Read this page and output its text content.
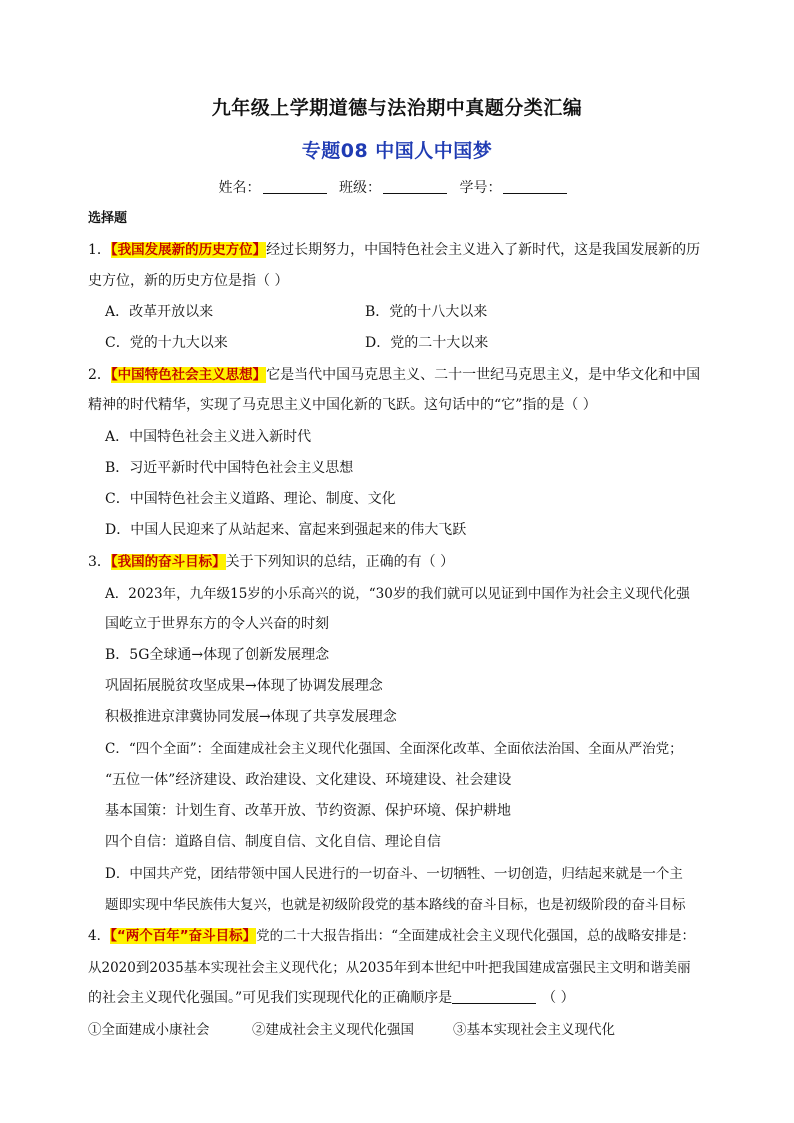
九年级上学期道德与法治期中真题分类汇编
专题08 中国人中国梦
姓名：	班级：	学号：
选择题
1．【我国发展新的历史方位】经过长期努力，中国特色社会主义进入了新时代，这是我国发展新的历
史方位，新的历史方位是指（ ）
A．改革开放以来	B．党的十八大以来
C．党的十九大以来	D．党的二十大以来
2．【中国特色社会主义思想】它是当代中国马克思主义、二十一世纪马克思主义，是中华文化和中国
精神的时代精华，实现了马克思主义中国化新的飞跃。这句话中的“它”指的是（ ）
A．中国特色社会主义进入新时代
B．习近平新时代中国特色社会主义思想
C．中国特色社会主义道路、理论、制度、文化
D．中国人民迎来了从站起来、富起来到强起来的伟大飞跃
3．【我国的奋斗目标】关于下列知识的总结，正确的有（ ）
A．2023年，九年级15岁的小乐高兴的说，“30岁的我们就可以见证到中国作为社会主义现代化强
国屹立于世界东方的令人兴奋的时刻
B．5G全球通→体现了创新发展理念
巩固拓展脱贫攻坚成果→体现了协调发展理念
积极推进京津冀协同发展→体现了共享发展理念
C．“四个全面”：全面建成社会主义现代化强国、全面深化改革、全面依法治国、全面从严治党；
“五位一体”经济建设、政治建设、文化建设、环境建设、社会建设
基本国策：计划生育、改革开放、节约资源、保护环境、保护耕地
四个自信：道路自信、制度自信、文化自信、理论自信
D．中国共产党，团结带领中国人民进行的一切奋斗、一切牺牲、一切创造，归结起来就是一个主
题即实现中华民族伟大复兴，也就是初级阶段党的基本路线的奋斗目标，也是初级阶段的奋斗目标
4．【“两个百年”奋斗目标】党的二十大报告指出：“全面建成社会主义现代化强国，总的战略安排是：
从2020到2035基本实现社会主义现代化；从2035年到本世纪中叶把我国建成富强民主文明和谐美丽
的社会主义现代化强国。”可见我们实现现代化的正确顺序是	（ ）
①全面建成小康社会	②建成社会主义现代化强国	③基本实现社会主义现代化
